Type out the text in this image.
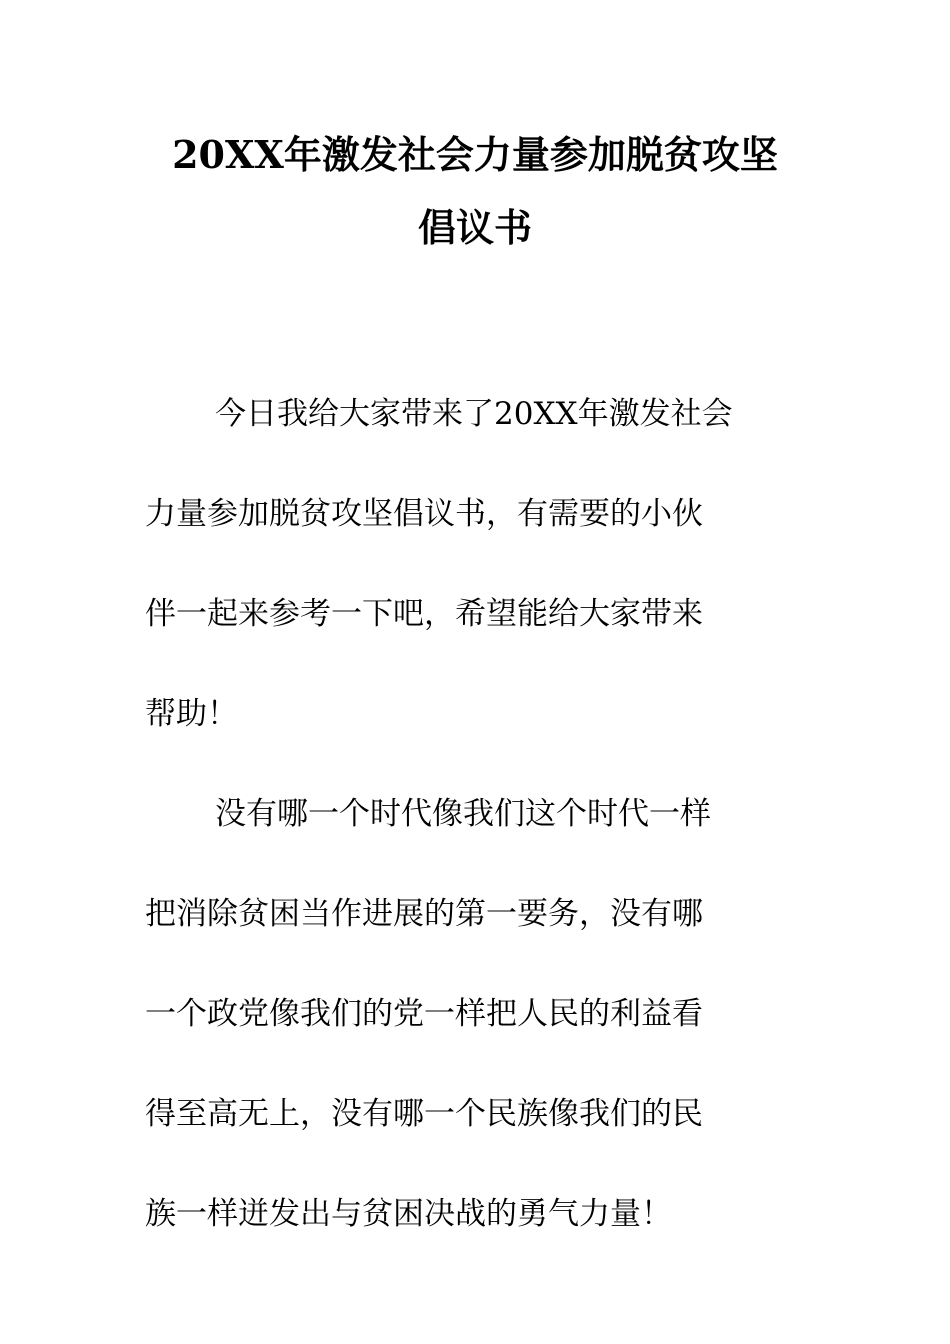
20XX年激发社会力量参加脱贫攻坚
倡议书
今日我给大家带来了20XX年激发社会
力量参加脱贫攻坚倡议书，有需要的小伙
伴一起来参考一下吧，希望能给大家带来
帮助！
没有哪一个时代像我们这个时代一样
把消除贫困当作进展的第一要务，没有哪
一个政党像我们的党一样把人民的利益看
得至高无上，没有哪一个民族像我们的民
族一样迸发出与贫困决战的勇气力量！
